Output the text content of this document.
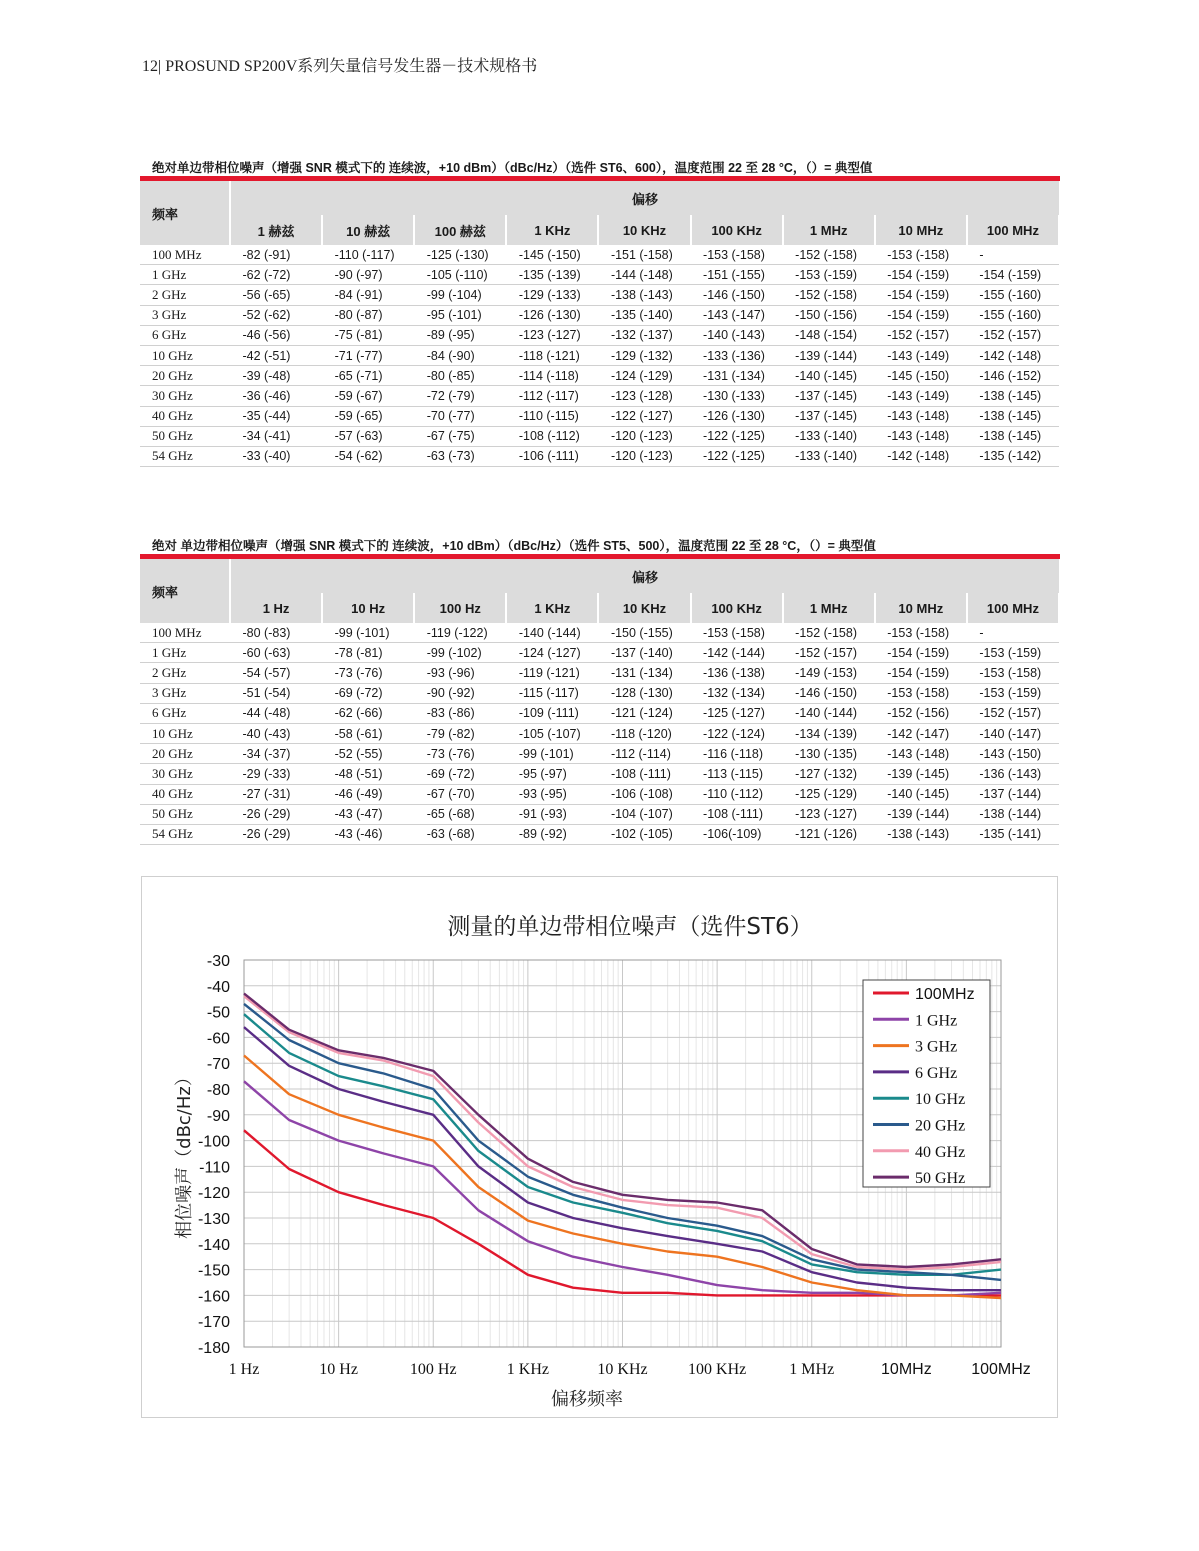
12| PROSUND SP200V系列矢量信号发生器－技术规格书
绝对单边带相位噪声（增强 SNR 模式下的 连续波，+10 dBm）（dBc/Hz）（选件 ST6、600），温度范围 22 至 28 °C，（）= 典型值
频率	偏移								
	1 赫兹	10 赫兹	100 赫兹	1 KHz	10 KHz	100 KHz	1 MHz	10 MHz	100 MHz
100 MHz	-82 (-91)	-110 (-117)	-125 (-130)	-145 (-150)	-151 (-158)	-153 (-158)	-152 (-158)	-153 (-158)	-
1 GHz	-62 (-72)	-90 (-97)	-105 (-110)	-135 (-139)	-144 (-148)	-151 (-155)	-153 (-159)	-154 (-159)	-154 (-159)
2 GHz	-56 (-65)	-84 (-91)	-99 (-104)	-129 (-133)	-138 (-143)	-146 (-150)	-152 (-158)	-154 (-159)	-155 (-160)
3 GHz	-52 (-62)	-80 (-87)	-95 (-101)	-126 (-130)	-135 (-140)	-143 (-147)	-150 (-156)	-154 (-159)	-155 (-160)
6 GHz	-46 (-56)	-75 (-81)	-89 (-95)	-123 (-127)	-132 (-137)	-140 (-143)	-148 (-154)	-152 (-157)	-152 (-157)
10 GHz	-42 (-51)	-71 (-77)	-84 (-90)	-118 (-121)	-129 (-132)	-133 (-136)	-139 (-144)	-143 (-149)	-142 (-148)
20 GHz	-39 (-48)	-65 (-71)	-80 (-85)	-114 (-118)	-124 (-129)	-131 (-134)	-140 (-145)	-145 (-150)	-146 (-152)
30 GHz	-36 (-46)	-59 (-67)	-72 (-79)	-112 (-117)	-123 (-128)	-130 (-133)	-137 (-145)	-143 (-149)	-138 (-145)
40 GHz	-35 (-44)	-59 (-65)	-70 (-77)	-110 (-115)	-122 (-127)	-126 (-130)	-137 (-145)	-143 (-148)	-138 (-145)
50 GHz	-34 (-41)	-57 (-63)	-67 (-75)	-108 (-112)	-120 (-123)	-122 (-125)	-133 (-140)	-143 (-148)	-138 (-145)
54 GHz	-33 (-40)	-54 (-62)	-63 (-73)	-106 (-111)	-120 (-123)	-122 (-125)	-133 (-140)	-142 (-148)	-135 (-142)
绝对 单边带相位噪声（增强 SNR 模式下的 连续波，+10 dBm）（dBc/Hz）（选件 ST5、500），温度范围 22 至 28 °C，（）= 典型值
频率	偏移								
	1 Hz	10 Hz	100 Hz	1 KHz	10 KHz	100 KHz	1 MHz	10 MHz	100 MHz
100 MHz	-80 (-83)	-99 (-101)	-119 (-122)	-140 (-144)	-150 (-155)	-153 (-158)	-152 (-158)	-153 (-158)	-
1 GHz	-60 (-63)	-78 (-81)	-99 (-102)	-124 (-127)	-137 (-140)	-142 (-144)	-152 (-157)	-154 (-159)	-153 (-159)
2 GHz	-54 (-57)	-73 (-76)	-93 (-96)	-119 (-121)	-131 (-134)	-136 (-138)	-149 (-153)	-154 (-159)	-153 (-158)
3 GHz	-51 (-54)	-69 (-72)	-90 (-92)	-115 (-117)	-128 (-130)	-132 (-134)	-146 (-150)	-153 (-158)	-153 (-159)
6 GHz	-44 (-48)	-62 (-66)	-83 (-86)	-109 (-111)	-121 (-124)	-125 (-127)	-140 (-144)	-152 (-156)	-152 (-157)
10 GHz	-40 (-43)	-58 (-61)	-79 (-82)	-105 (-107)	-118 (-120)	-122 (-124)	-134 (-139)	-142 (-147)	-140 (-147)
20 GHz	-34 (-37)	-52 (-55)	-73 (-76)	-99 (-101)	-112 (-114)	-116 (-118)	-130 (-135)	-143 (-148)	-143 (-150)
30 GHz	-29 (-33)	-48 (-51)	-69 (-72)	-95 (-97)	-108 (-111)	-113 (-115)	-127 (-132)	-139 (-145)	-136 (-143)
40 GHz	-27 (-31)	-46 (-49)	-67 (-70)	-93 (-95)	-106 (-108)	-110 (-112)	-125 (-129)	-140 (-145)	-137 (-144)
50 GHz	-26 (-29)	-43 (-47)	-65 (-68)	-91 (-93)	-104 (-107)	-108 (-111)	-123 (-127)	-139 (-144)	-138 (-144)
54 GHz	-26 (-29)	-43 (-46)	-63 (-68)	-89 (-92)	-102 (-105)	-106(-109)	-121 (-126)	-138 (-143)	-135 (-141)
-30
-40
-50
-60
-70
-80
-90
-100
-110
-120
-130
-140
-150
-160
-170
-180
1 Hz	10 Hz	100 Hz	1 KHz	10 KHz	100 KHz	1 MHz	10MHz 100MHz
测量的单边带相位噪声（选件ST6）
偏移频率
相位噪声（dBc/Hz）
100MHz
1 GHz
3 GHz
6 GHz
10 GHz
20 GHz
40 GHz
50 GHz
